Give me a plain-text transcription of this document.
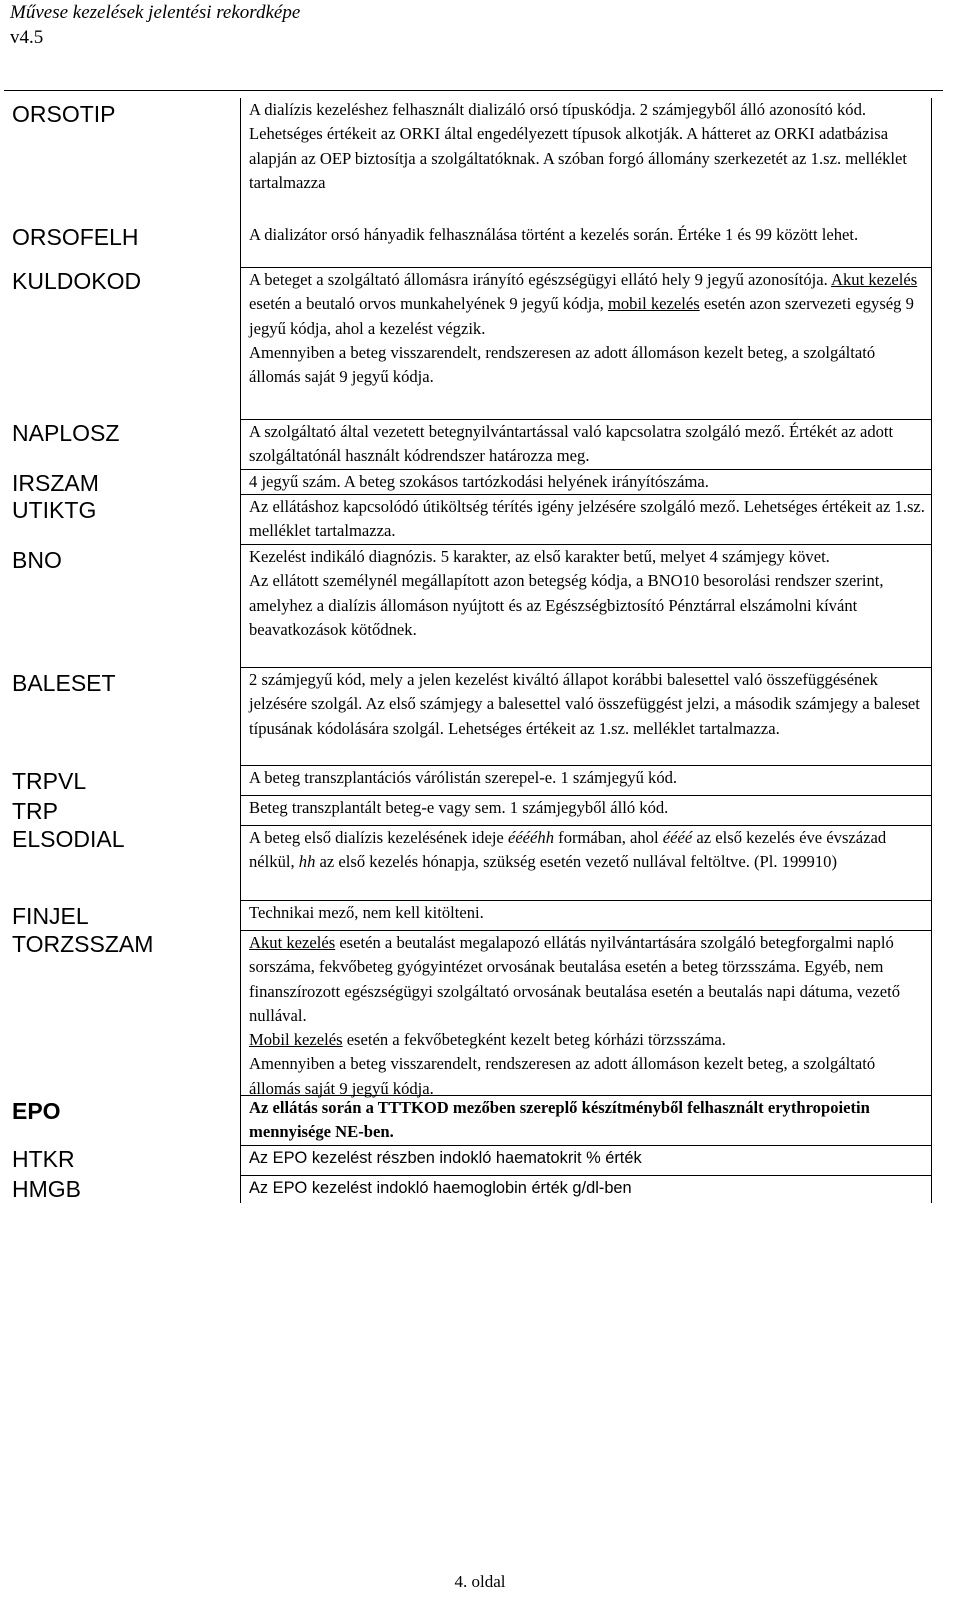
Művese kezelések jelentési rekordképe
v4.5
ORSOTIP	A dialízis kezeléshez felhasznált dializáló orsó típuskódja. 2 számjegyből álló azonosító kód.
Lehetséges értékeit az ORKI által engedélyezett típusok alkotják. A hátteret az ORKI adatbázisa alapján az OEP biztosítja a szolgáltatóknak. A szóban forgó állomány szerkezetét az 1.sz. melléklet tartalmazza
ORSOFELH	A dializátor orsó hányadik felhasználása történt a kezelés során. Értéke 1 és 99 között lehet.
KULDOKOD	A beteget a szolgáltató állomásra irányító egészségügyi ellátó hely 9 jegyű azonosítója. Akut kezelés esetén a beutaló orvos munkahelyének 9 jegyű kódja, mobil kezelés esetén azon szervezeti egység 9 jegyű kódja, ahol a kezelést végzik.
Amennyiben a beteg visszarendelt, rendszeresen az adott állomáson kezelt beteg, a szolgáltató állomás saját 9 jegyű kódja.
NAPLOSZ	A szolgáltató által vezetett betegnyilvántartással való kapcsolatra szolgáló mező. Értékét az adott szolgáltatónál használt kódrendszer határozza meg.
IRSZAM	4 jegyű szám. A beteg szokásos tartózkodási helyének irányítószáma.
UTIKTG	Az ellátáshoz kapcsolódó útiköltség térítés igény jelzésére szolgáló mező. Lehetséges értékeit az 1.sz. melléklet tartalmazza.
BNO	Kezelést indikáló diagnózis. 5 karakter, az első karakter betű, melyet 4 számjegy követ.
Az ellátott személynél megállapított azon betegség kódja, a BNO10 besorolási rendszer szerint, amelyhez a dialízis állomáson nyújtott és az Egészségbiztosító Pénztárral elszámolni kívánt beavatkozások kötődnek.
BALESET	2 számjegyű kód, mely a jelen kezelést kiváltó állapot korábbi balesettel való összefüggésének jelzésére szolgál. Az első számjegy a balesettel való összefüggést jelzi, a második számjegy a baleset típusának kódolására szolgál. Lehetséges értékeit az 1.sz. melléklet tartalmazza.
TRPVL	A beteg transzplantációs várólistán szerepel-e. 1 számjegyű kód.
TRP	Beteg transzplantált beteg-e vagy sem. 1 számjegyből álló kód.
ELSODIAL	A beteg első dialízis kezelésének ideje ééééhh formában, ahol éééé az első kezelés éve évszázad nélkül, hh az első kezelés hónapja, szükség esetén vezető nullával feltöltve. (Pl. 199910)
FINJEL	Technikai mező, nem kell kitölteni.
TORZSSZAM	Akut kezelés esetén a beutalást megalapozó ellátás nyilvántartására szolgáló betegforgalmi napló sorszáma, fekvőbeteg gyógyintézet orvosának beutalása esetén a beteg törzsszáma. Egyéb, nem finanszírozott egészségügyi szolgáltató orvosának beutalása esetén a beutalás napi dátuma, vezető nullával.
Mobil kezelés esetén a fekvőbetegként kezelt beteg kórházi törzsszáma.
Amennyiben a beteg visszarendelt, rendszeresen az adott állomáson kezelt beteg, a szolgáltató állomás saját 9 jegyű kódja.
EPO	Az ellátás során a TTTKOD mezőben szereplő készítményből felhasznált erythropoietin mennyisége NE-ben.
HTKR	Az EPO kezelést részben indokló haematokrit % érték
HMGB	Az EPO kezelést indokló haemoglobin érték g/dl-ben
4. oldal
